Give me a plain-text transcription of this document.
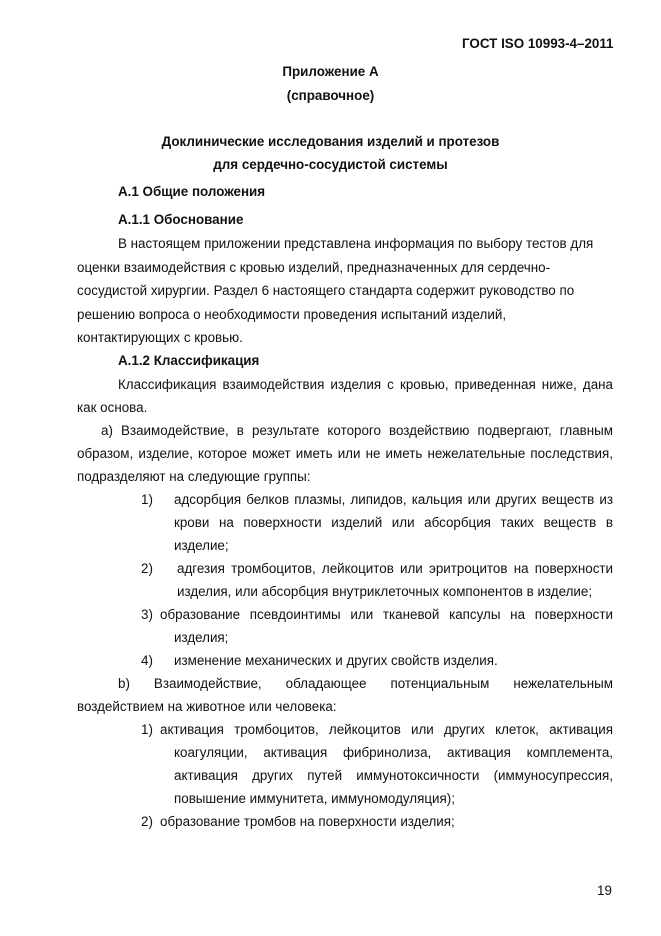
ГОСТ ISO 10993-4–2011
Приложение А
(справочное)
Доклинические исследования изделий и протезов
для сердечно-сосудистой системы
А.1 Общие положения
А.1.1 Обоснование
В настоящем приложении представлена информация по выбору тестов для
оценки взаимодействия с кровью изделий, предназначенных для сердечно-
сосудистой хирургии. Раздел 6 настоящего стандарта содержит руководство по
решению вопроса о необходимости проведения испытаний изделий,
контактирующих с кровью.
А.1.2 Классификация
Классификация взаимодействия изделия с кровью, приведенная ниже, дана
как основа.
а) Взаимодействие, в результате которого воздействию подвергают, главным
образом, изделие, которое может иметь или не иметь нежелательные последствия,
подразделяют на следующие группы:
1) адсорбция белков плазмы, липидов, кальция или других веществ из
крови на поверхности изделий или абсорбция таких веществ в
изделие;
2) адгезия тромбоцитов, лейкоцитов или эритроцитов на поверхности
изделия, или абсорбция внутриклеточных компонентов в изделие;
3) образование псевдоинтимы или тканевой капсулы на поверхности
изделия;
4) изменение механических и других свойств изделия.
b) Взаимодействие, обладающее потенциальным нежелательным
воздействием на животное или человека:
1) активация тромбоцитов, лейкоцитов или других клеток, активация
коагуляции, активация фибринолиза, активация комплемента,
активация других путей иммунотоксичности (иммуносупрессия,
повышение иммунитета, иммуномодуляция);
2) образование тромбов на поверхности изделия;
19
